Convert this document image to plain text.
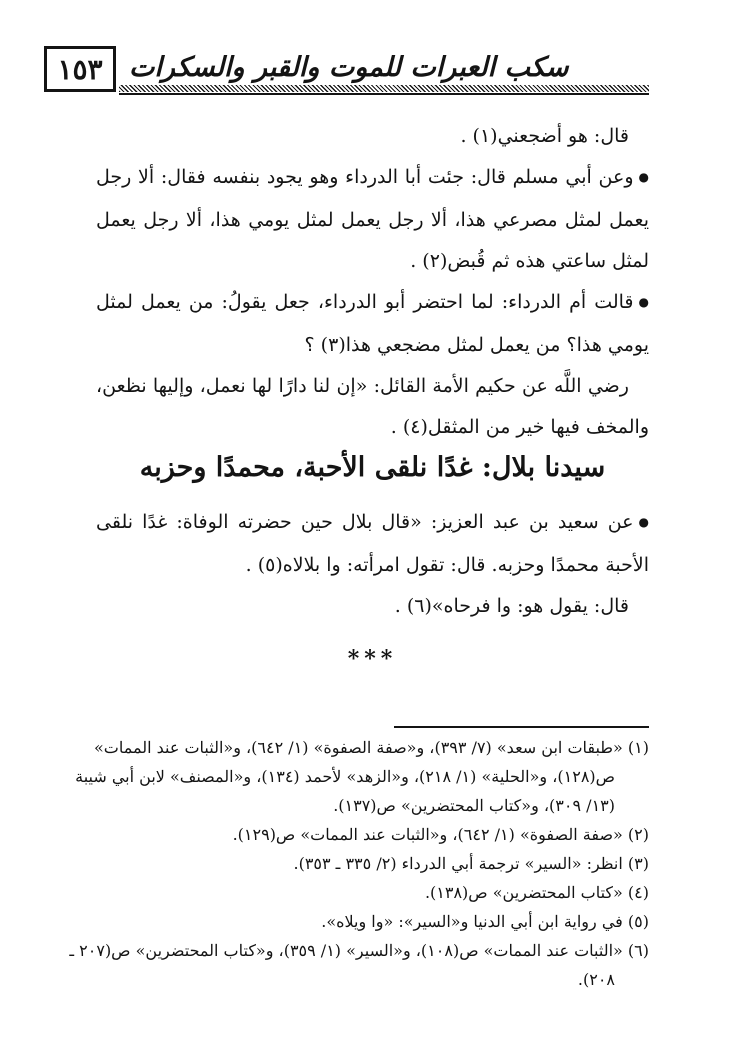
سكب العبرات للموت والقبر والسكرات
١٥٣

قال: هو أضجعني(١) .

●وعن أبي مسلم قال: جئت أبا الدرداء وهو يجود بنفسه فقال: ألا رجل يعمل لمثل مصرعي هذا، ألا رجل يعمل لمثل يومي هذا، ألا رجل يعمل لمثل ساعتي هذه ثم قُبض(٢) .

●قالت أم الدرداء: لما احتضر أبو الدرداء، جعل يقولُ: من يعمل لمثل يومي هذا؟ من يعمل لمثل مضجعي هذا(٣) ؟

رضي اللَّه عن حكيم الأمة القائل: «إن لنا دارًا لها نعمل، وإليها نظعن، والمخف فيها خير من المثقل(٤) .

سيدنا بلال: غدًا نلقى الأحبة، محمدًا وحزبه

●عن سعيد بن عبد العزيز: «قال بلال حين حضرته الوفاة: غدًا نلقى الأحبة محمدًا وحزبه. قال: تقول امرأته: وا بلالاه(٥) .

قال: يقول هو: وا فرحاه»(٦) .

***

(١) «طبقات ابن سعد» (٧/ ٣٩٣)، و«صفة الصفوة» (١/ ٦٤٢)، و«الثبات عند الممات»

ص(١٢٨)، و«الحلية» (١/ ٢١٨)، و«الزهد» لأحمد (١٣٤)، و«المصنف» لابن أبي شيبة

(١٣/ ٣٠٩)، و«كتاب المحتضرين» ص(١٣٧).

(٢) «صفة الصفوة» (١/ ٦٤٢)، و«الثبات عند الممات» ص(١٢٩).

(٣) انظر: «السير» ترجمة أبي الدرداء (٢/ ٣٣٥ ـ ٣٥٣).

(٤) «كتاب المحتضرين» ص(١٣٨).

(٥) في رواية ابن أبي الدنيا و«السير»: «وا ويلاه».

(٦) «الثبات عند الممات» ص(١٠٨)، و«السير» (١/ ٣٥٩)، و«كتاب المحتضرين» ص(٢٠٧ ـ

٢٠٨).
